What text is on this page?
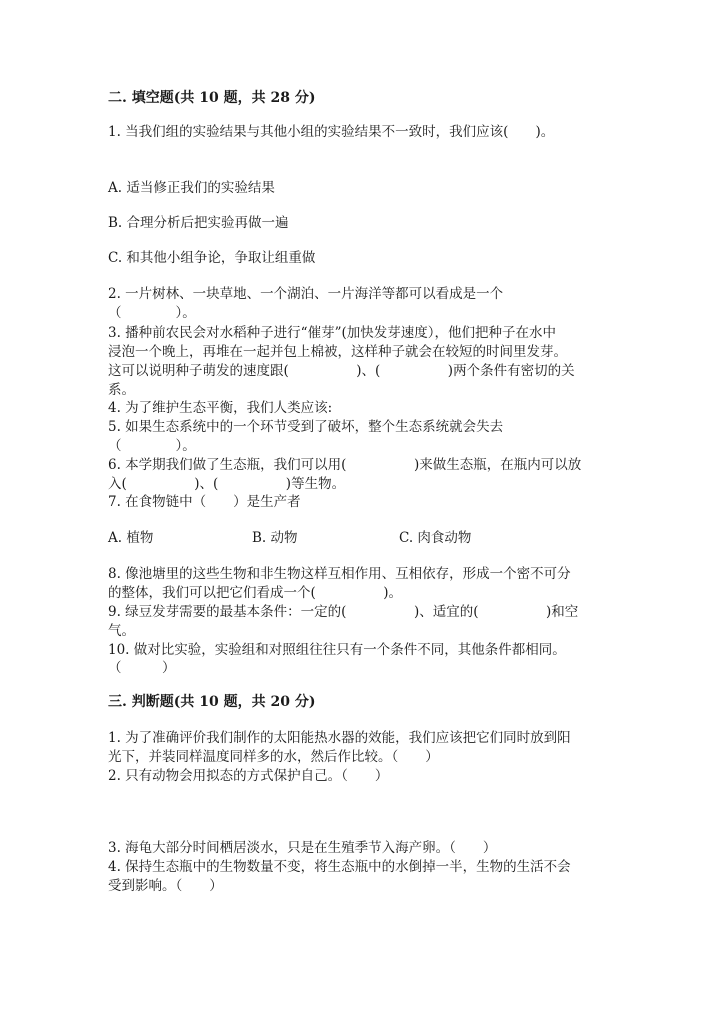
二. 填空题(共 10 题，共 28 分)
1. 当我们组的实验结果与其他小组的实验结果不一致时，我们应该(　　)。
A. 适当修正我们的实验结果
B. 合理分析后把实验再做一遍
C. 和其他小组争论，争取让组重做
2. 一片树林、一块草地、一个湖泊、一片海洋等都可以看成是一个
（　　　　）。
3. 播种前农民会对水稻种子进行“催芽”(加快发芽速度），他们把种子在水中
浸泡一个晚上，再堆在一起并包上棉被，这样种子就会在较短的时间里发芽。
这可以说明种子萌发的速度跟(　　　　　)、(　　　　　)两个条件有密切的关
系。
4. 为了维护生态平衡，我们人类应该:
5. 如果生态系统中的一个环节受到了破坏，整个生态系统就会失去
（　　　　）。
6. 本学期我们做了生态瓶，我们可以用(　　　　　)来做生态瓶，在瓶内可以放
入(　　　　　)、(　　　　　)等生物。
7. 在食物链中（　　）是生产者
A. 植物	B. 动物	C. 肉食动物
8. 像池塘里的这些生物和非生物这样互相作用、互相依存，形成一个密不可分
的整体，我们可以把它们看成一个(　　　　　)。
9. 绿豆发芽需要的最基本条件：一定的(　　　　　)、适宜的(　　　　　)和空
气。
10. 做对比实验，实验组和对照组往往只有一个条件不同，其他条件都相同。
（　　　）
三. 判断题(共 10 题，共 20 分)
1. 为了准确评价我们制作的太阳能热水器的效能，我们应该把它们同时放到阳
光下，并装同样温度同样多的水，然后作比较。（　　）
2. 只有动物会用拟态的方式保护自己。（　　）
3. 海龟大部分时间栖居淡水，只是在生殖季节入海产卵。（　　）
4. 保持生态瓶中的生物数量不变，将生态瓶中的水倒掉一半，生物的生活不会
受到影响。（　　）
